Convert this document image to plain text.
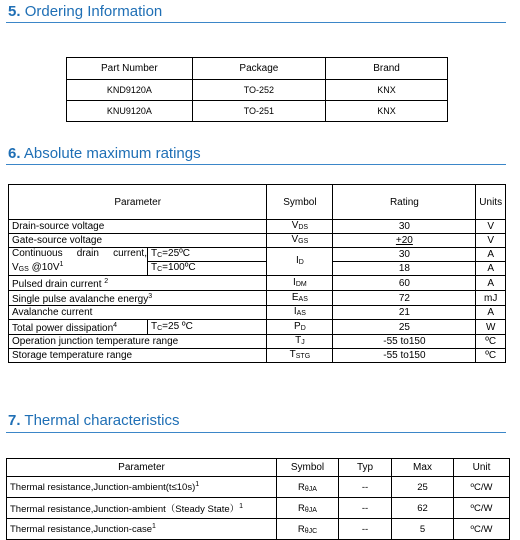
5. Ordering Information
Part Number	Package	Brand
KND9120A	TO-252	KNX
KNU9120A	TO-251	KNX
6. Absolute maximum ratings
Parameter		Symbol	Rating	Units
Drain-source voltage		VDS	30	V
Gate-source voltage		VGS	+20	V

Continuous drain current,
VGS $@10V^1$	TC=25ºC	ID	30	A
	TC=100ºC		18	A
Pulsed drain current $^2$		IDM	60	A
Single pulse avalanche energy$^3$		EAS	72	mJ
Avalanche current		IAS	21	A
Total power dissipation$^4$	TC=25 ºC	PD	25	W
Operation junction temperature range		TJ	-55 to150	ºC
Storage temperature range		TSTG	-55 to150	ºC
7. Thermal characteristics
Parameter	Symbol	Typ	Max	Unit
Thermal resistance,Junction-ambient(t≤10s)$^1$	RθJA	--	25	ºC/W
Thermal resistance,Junction-ambient（Steady State）$^1$	RθJA	--	62	ºC/W
Thermal resistance,Junction-case$^1$	RθJC	--	5	ºC/W
